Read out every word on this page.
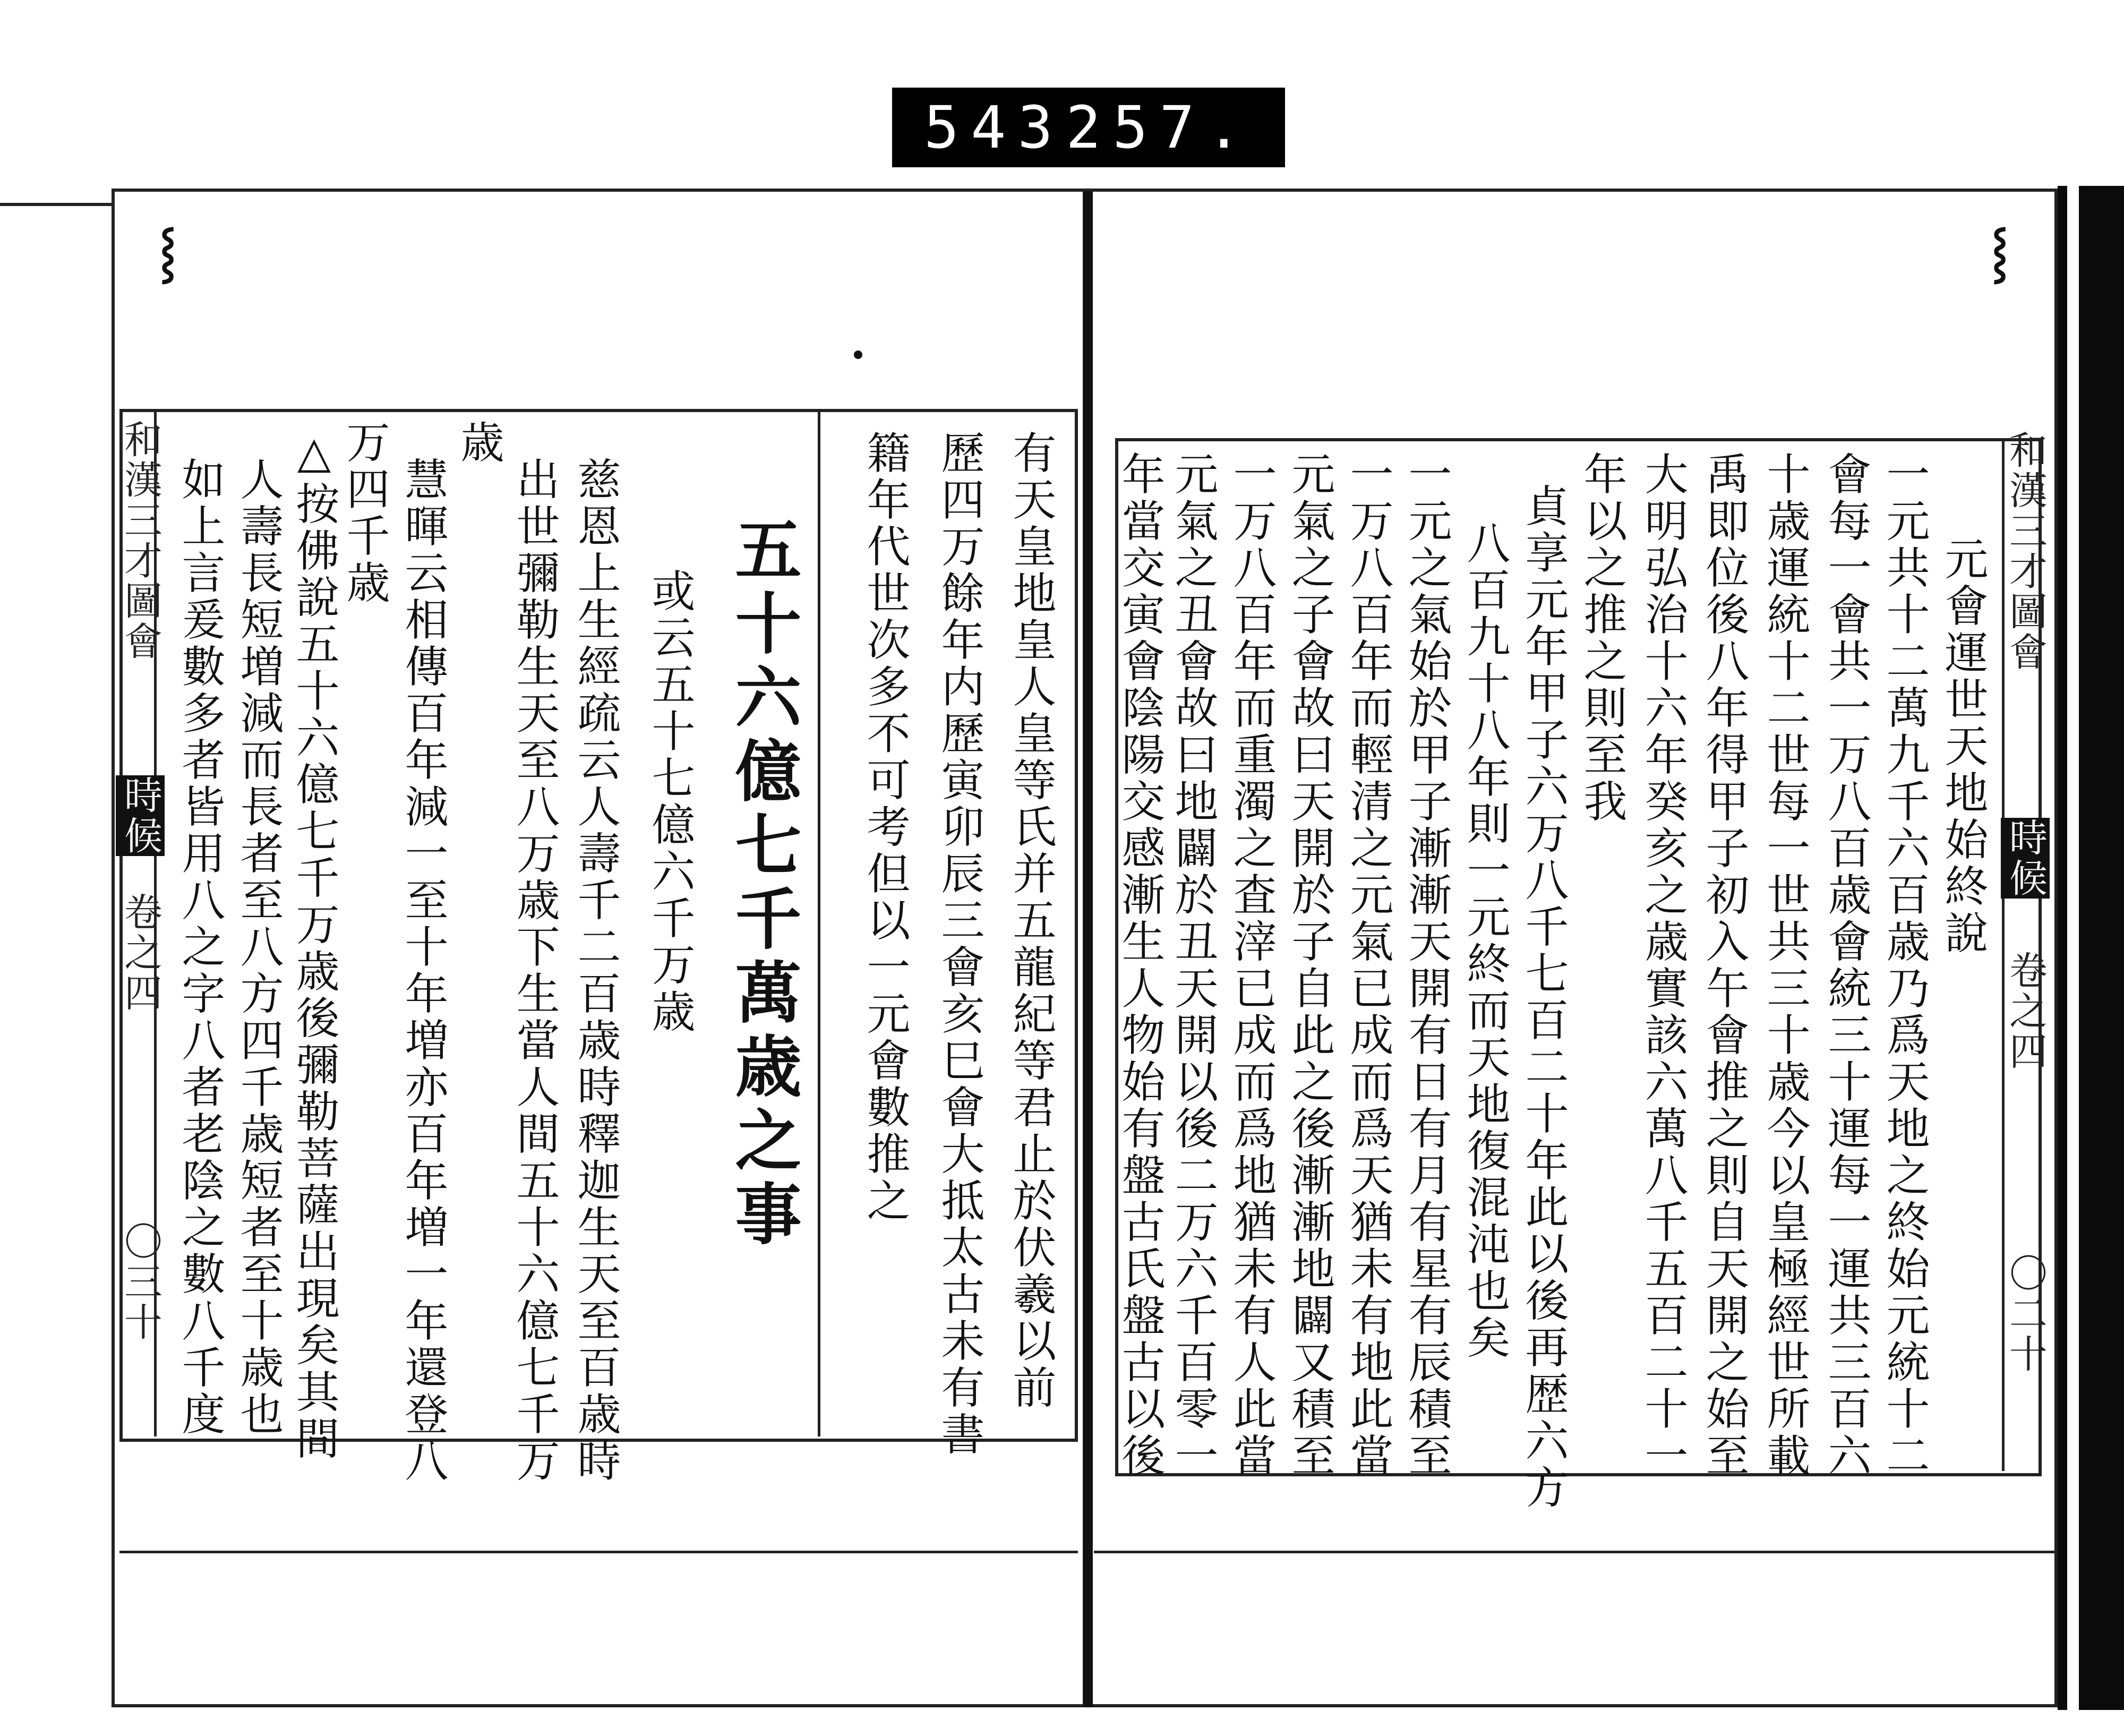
543 257.
⸾	⸾
和漢三才圖會
時候
卷之四
〇三十
和漢三才圖會
時候
卷之四
〇二十
有天皇地皇人皇等氏并五龍紀等君止於伏羲以前
歷四万餘年内歷寅卯辰三會亥巳會大抵太古未有書
籍年代世次多不可考但以一元會數推之
五十六億七千萬歳之事
或云五十七億六千万歳
慈恩上生經疏云人壽千二百歳時釋迦生天至百歳時
出世彌勒生天至八万歳下生當人間五十六億七千万
歳
慧暉云相傳百年減一至十年増亦百年増一年還登八
万四千歳
△按佛說五十六億七千万歳後彌勒菩薩出現矣其間
人壽長短増減而長者至八方四千歳短者至十歳也
如上言爰數多者皆用八之字八者老陰之數八千度	元會運世天地始終說
一元共十二萬九千六百歳乃爲天地之終始元統十二
會每一會共一万八百歳會統三十運每一運共三百六
十歳運統十二世每一世共三十歳今以皇極經世所載
禹即位後八年得甲子初入午會推之則自天開之始至
大明弘治十六年癸亥之歳實該六萬八千五百二十一
年以之推之則至我
貞享元年甲子六万八千七百二十年此以後再歴六方
八百九十八年則一元終而天地復混沌也矣
一元之氣始於甲子漸漸天開有日有月有星有辰積至
一万八百年而輕清之元氣已成而爲天猶未有地此當
元氣之子會故曰天開於子自此之後漸漸地闢又積至
一万八百年而重濁之査滓已成而爲地猶未有人此當
元氣之丑會故曰地闢於丑天開以後二万六千百零一
年當交寅會陰陽交感漸生人物始有盤古氏盤古以後
